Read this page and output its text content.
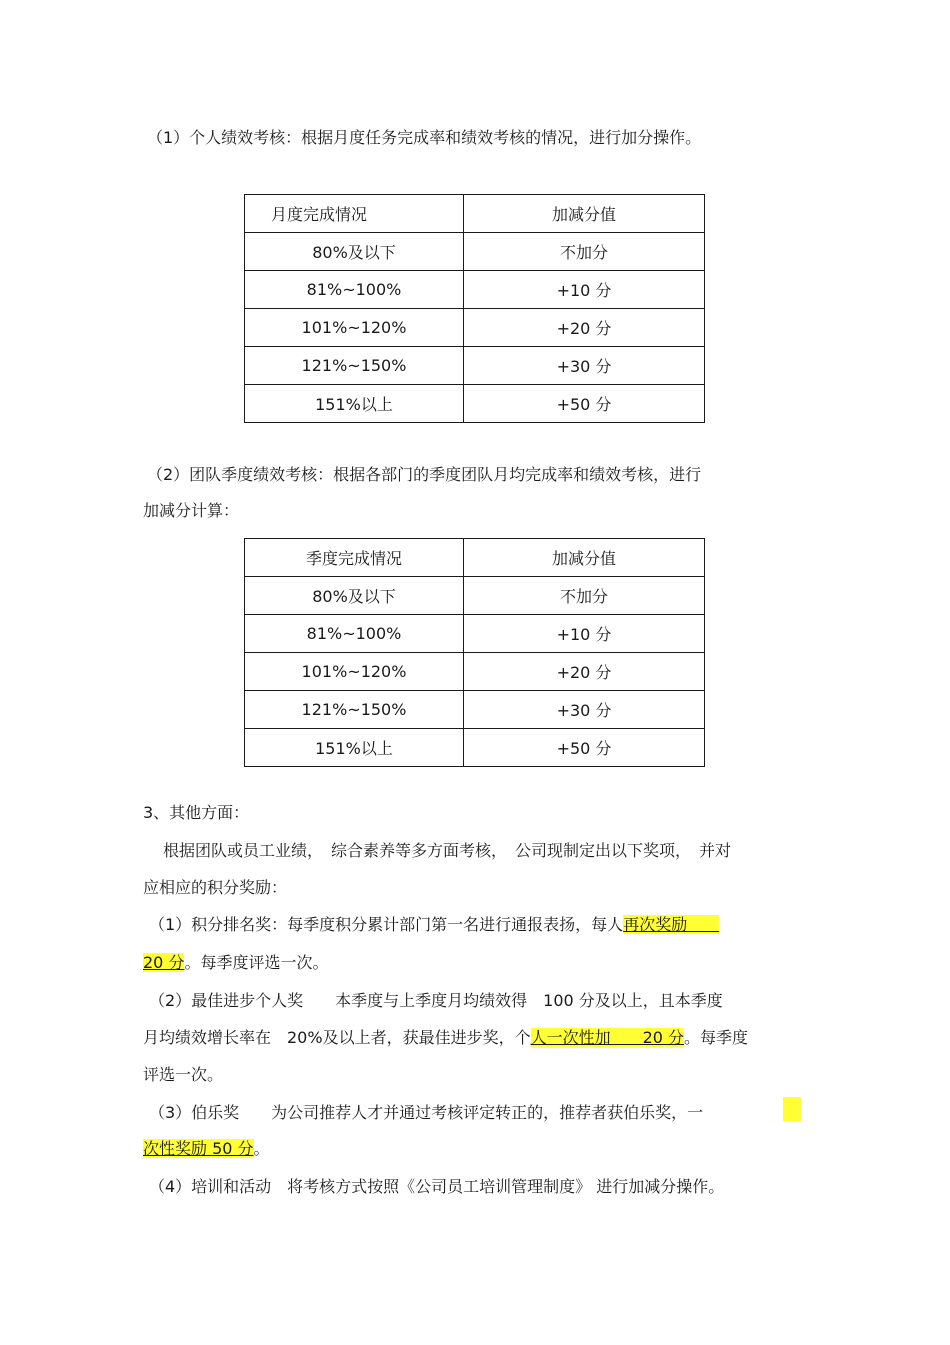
（1）个人绩效考核：根据月度任务完成率和绩效考核的情况，进行加分操作。
月度完成情况	加减分值
80%及以下	不加分
81%~100%	+10 分
101%~120%	+20 分
121%~150%	+30 分
151%以上	+50 分
（2）团队季度绩效考核：根据各部门的季度团队月均完成率和绩效考核，进行
加减分计算：
季度完成情况	加减分值
80%及以下	不加分
81%~100%	+10 分
101%~120%	+20 分
121%~150%	+30 分
151%以上	+50 分
3、其他方面：
根据团队或员工业绩，　综合素养等多方面考核，　公司现制定出以下奖项，　并对
应相应的积分奖励：
（1）积分排名奖：每季度积分累计部门第一名进行通报表扬，每人再次奖励　　
20 分。每季度评选一次。
（2）最佳进步个人奖　　本季度与上季度月均绩效得　100 分及以上，且本季度
月均绩效增长率在　20%及以上者，获最佳进步奖，个人一次性加　　20 分。每季度
评选一次。
（3）伯乐奖　　为公司推荐人才并通过考核评定转正的，推荐者获伯乐奖，一
次性奖励 50 分。
（4）培训和活动　将考核方式按照《公司员工培训管理制度》 进行加减分操作。
